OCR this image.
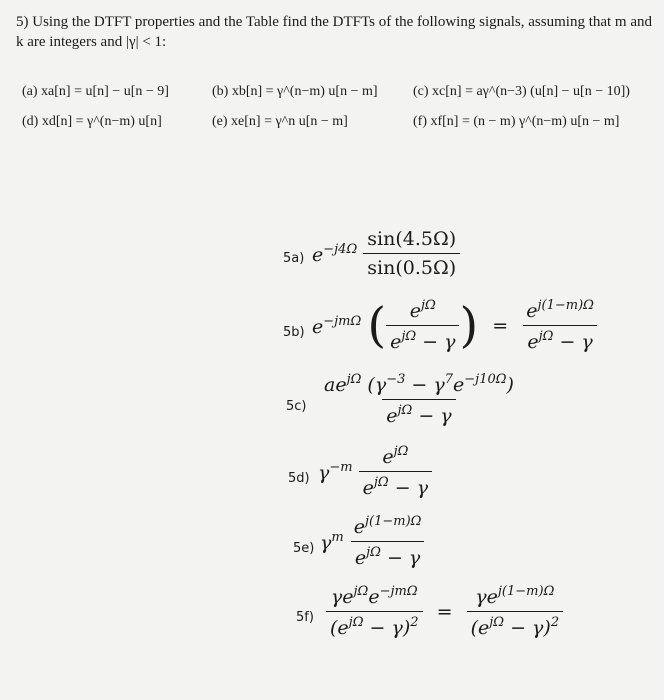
5) Using the DTFT properties and the Table find the DTFTs of the following signals, assuming that m and k are integers and |γ| < 1:

(a) xa[n] = u[n] − u[n − 9]	(b) xb[n] = γ^(n−m) u[n − m]	(c) xc[n] = aγ^(n−3) (u[n] − u[n − 10])
(d) xd[n] = γ^(n−m) u[n]	(e) xe[n] = γ^n u[n − m]	(f) xf[n] = (n − m) γ^(n−m) u[n − m]
5a) $e^{-j4\Omega} \frac{\sin(4.5\Omega)}{\sin(0.5\Omega)}$
5b) $e^{-jm\Omega}$ ( $\frac{e^{j\Omega}}{e^{j\Omega} - \gamma}$ ) = $\frac{e^{j(1-m)\Omega}}{e^{j\Omega} - \gamma}$
$5c) \frac{ae^{j\Omega} (\gamma^{-3} - \gamma^7e^{-j10\Omega})}{e^{j\Omega} - \gamma}$
5d) $\gamma^{-m} \frac{e^{j\Omega}}{e^{j\Omega} - \gamma}$
5e) $\gamma^m \frac{e^{j(1-m)\Omega}}{e^{j\Omega} - \gamma}$
$5f) \frac{\gamma e^{j\Omega}e^{-jm\Omega}}{(e^{j\Omega} - \gamma)^2} = \frac{\gamma e^{j(1-m)\Omega}}{(e^{j\Omega} - \gamma)^2}$
